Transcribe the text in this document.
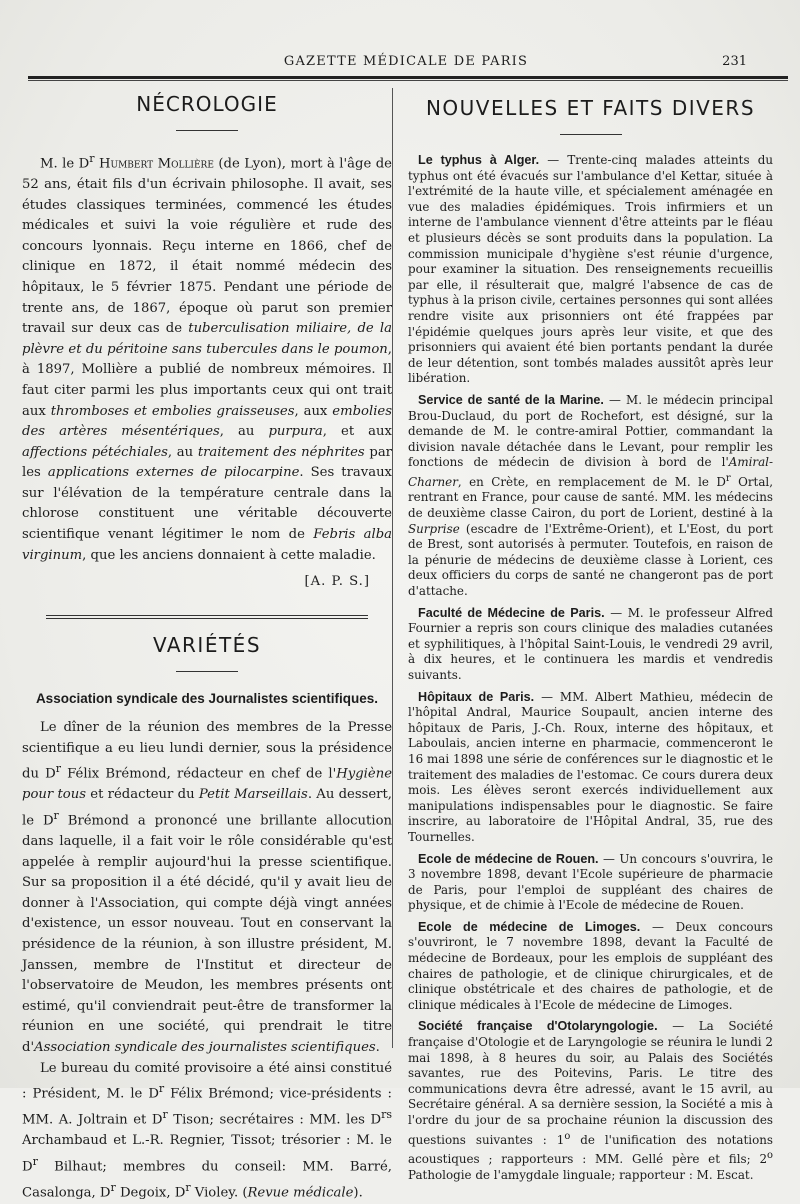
GAZETTE MÉDICALE DE PARIS	231
NÉCROLOGIE

M. le $D^r$ Humbert Mollière (de Lyon), mort à l'âge de 52 ans, était fils d'un écrivain philosophe. Il avait, ses études classiques terminées, commencé les études médicales et suivi la voie régulière et rude des concours lyonnais. Reçu interne en 1866, chef de clinique en 1872, il était nommé médecin des hôpitaux, le 5 février 1875. Pendant une période de trente ans, de 1867, époque où parut son premier travail sur deux cas de tuberculisation miliaire, de la plèvre et du péritoine sans tubercules dans le poumon, à 1897, Mollière a publié de nombreux mémoires. Il faut citer parmi les plus importants ceux qui ont trait aux thromboses et embolies graisseuses, aux embolies des artères mésentériques, au purpura, et aux affections pétéchiales, au traitement des néphrites par les applications externes de pilocarpine. Ses travaux sur l'élévation de la température centrale dans la chlorose constituent une véritable découverte scientifique venant légitimer le nom de Febris alba virginum, que les anciens donnaient à cette maladie.

[A. P. S.]
VARIÉTÉS
Association syndicale des Journalistes scientifiques.

Le dîner de la réunion des membres de la Presse scientifique a eu lieu lundi dernier, sous la présidence du $D^r$ Félix Brémond, rédacteur en chef de l'Hygiène pour tous et rédacteur du Petit Marseillais. Au dessert, le $D^r$ Brémond a prononcé une brillante allocution dans laquelle, il a fait voir le rôle considérable qu'est appelée à remplir aujourd'hui la presse scientifique. Sur sa proposition il a été décidé, qu'il y avait lieu de donner à l'Association, qui compte déjà vingt années d'existence, un essor nouveau. Tout en conservant la présidence de la réunion, à son illustre président, M. Janssen, membre de l'Institut et directeur de l'observatoire de Meudon, les membres présents ont estimé, qu'il conviendrait peut-être de transformer la réunion en une société, qui prendrait le titre d'Association syndicale des journalistes scientifiques.

Le bureau du comité provisoire a été ainsi constitué : Président, M. le $D^r$ Félix Brémond; vice-présidents : MM. A. Joltrain et $D^r$ Tison; secrétaires : MM. les $D^{rs}$ Archambaud et L.-R. Regnier, Tissot; trésorier : M. le $D^r$ Bilhaut; membres du conseil: MM. Barré, Casalonga, $D^r$ Degoix, $D^r$ Violey. (Revue médicale).

NOUVELLES ET FAITS DIVERS

Le typhus à Alger. — Trente-cinq malades atteints du typhus ont été évacués sur l'ambulance d'el Kettar, située à l'extrémité de la haute ville, et spécialement aménagée en vue des maladies épidémiques. Trois infirmiers et un interne de l'ambulance viennent d'être atteints par le fléau et plusieurs décès se sont produits dans la population. La commission municipale d'hygiène s'est réunie d'urgence, pour examiner la situation. Des renseignements recueillis par elle, il résulterait que, malgré l'absence de cas de typhus à la prison civile, certaines personnes qui sont allées rendre visite aux prisonniers ont été frappées par l'épidémie quelques jours après leur visite, et que des prisonniers qui avaient été bien portants pendant la durée de leur détention, sont tombés malades aussitôt après leur libération.

Service de santé de la Marine. — M. le médecin principal Brou-Duclaud, du port de Rochefort, est désigné, sur la demande de M. le contre-amiral Pottier, commandant la division navale détachée dans le Levant, pour remplir les fonctions de médecin de division à bord de l'Amiral-Charner, en Crète, en remplacement de M. le $D^r$ Ortal, rentrant en France, pour cause de santé. MM. les médecins de deuxième classe Cairon, du port de Lorient, destiné à la Surprise (escadre de l'Extrême-Orient), et L'Eost, du port de Brest, sont autorisés à permuter. Toutefois, en raison de la pénurie de médecins de deuxième classe à Lorient, ces deux officiers du corps de santé ne changeront pas de port d'attache.

Faculté de Médecine de Paris. — M. le professeur Alfred Fournier a repris son cours clinique des maladies cutanées et syphilitiques, à l'hôpital Saint-Louis, le vendredi 29 avril, à dix heures, et le continuera les mardis et vendredis suivants.

Hôpitaux de Paris. — MM. Albert Mathieu, médecin de l'hôpital Andral, Maurice Soupault, ancien interne des hôpitaux de Paris, J.-Ch. Roux, interne des hôpitaux, et Laboulais, ancien interne en pharmacie, commenceront le 16 mai 1898 une série de conférences sur le diagnostic et le traitement des maladies de l'estomac. Ce cours durera deux mois. Les élèves seront exercés individuellement aux manipulations indispensables pour le diagnostic. Se faire inscrire, au laboratoire de l'Hôpital Andral, 35, rue des Tournelles.

Ecole de médecine de Rouen. — Un concours s'ouvrira, le 3 novembre 1898, devant l'Ecole supérieure de pharmacie de Paris, pour l'emploi de suppléant des chaires de physique, et de chimie à l'Ecole de médecine de Rouen.

Ecole de médecine de Limoges. — Deux concours s'ouvriront, le 7 novembre 1898, devant la Faculté de médecine de Bordeaux, pour les emplois de suppléant des chaires de pathologie, et de clinique chirurgicales, et de clinique obstétricale et des chaires de pathologie, et de clinique médicales à l'Ecole de médecine de Limoges.

Société française d'Otolaryngologie. — La Société française d'Otologie et de Laryngologie se réunira le lundi 2 mai 1898, à 8 heures du soir, au Palais des Sociétés savantes, rue des Poitevins, Paris. Le titre des communications devra être adressé, avant le 15 avril, au Secrétaire général. A sa dernière session, la Société a mis à l'ordre du jour de sa prochaine réunion la discussion des questions suivantes : 1$^o$ de l'unification des notations acoustiques ; rapporteurs : MM. Gellé père et fils; 2$^o$ Pathologie de l'amygdale linguale; rapporteur : M. Escat.
